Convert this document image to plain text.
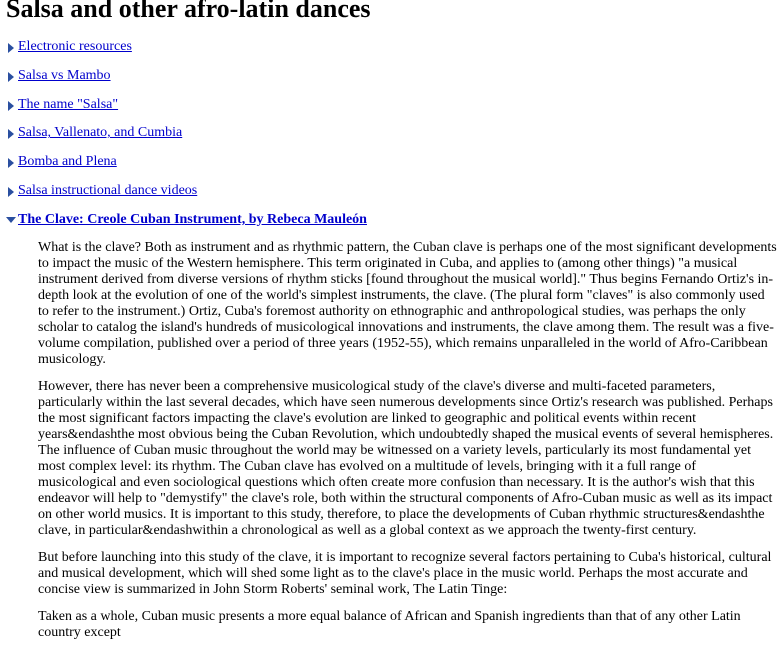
Salsa and other afro-latin dances
Electronic resources
Salsa vs Mambo
The name "Salsa"
Salsa, Vallenato, and Cumbia
Bomba and Plena
Salsa instructional dance videos
The Clave: Creole Cuban Instrument, by Rebeca Mauleón

What is the clave? Both as instrument and as rhythmic pattern, the Cuban clave is perhaps one of the most significant developments to impact the music of the Western hemisphere. This term originated in Cuba, and applies to (among other things) "a musical instrument derived from diverse versions of rhythm sticks [found throughout the musical world]." Thus begins Fernando Ortiz's in-depth look at the evolution of one of the world's simplest instruments, the clave. (The plural form "claves" is also commonly used to refer to the instrument.) Ortiz, Cuba's foremost authority on ethnographic and anthropological studies, was perhaps the only scholar to catalog the island's hundreds of musicological innovations and instruments, the clave among them. The result was a five-volume compilation, published over a period of three years (1952-55), which remains unparalleled in the world of Afro-Caribbean musicology.

However, there has never been a comprehensive musicological study of the clave's diverse and multi-faceted parameters, particularly within the last several decades, which have seen numerous developments since Ortiz's research was published. Perhaps the most significant factors impacting the clave's evolution are linked to geographic and political events within recent years&endashthe most obvious being the Cuban Revolution, which undoubtedly shaped the musical events of several hemispheres. The influence of Cuban music throughout the world may be witnessed on a variety levels, particularly its most fundamental yet most complex level: its rhythm. The Cuban clave has evolved on a multitude of levels, bringing with it a full range of musicological and even sociological questions which often create more confusion than necessary. It is the author's wish that this endeavor will help to "demystify" the clave's role, both within the structural components of Afro-Cuban music as well as its impact on other world musics. It is important to this study, therefore, to place the developments of Cuban rhythmic structures&endashthe clave, in particular&endashwithin a chronological as well as a global context as we approach the twenty-first century.

But before launching into this study of the clave, it is important to recognize several factors pertaining to Cuba's historical, cultural and musical development, which will shed some light as to the clave's place in the music world. Perhaps the most accurate and concise view is summarized in John Storm Roberts' seminal work, The Latin Tinge:

Taken as a whole, Cuban music presents a more equal balance of African and Spanish ingredients than that of any other Latin country except
